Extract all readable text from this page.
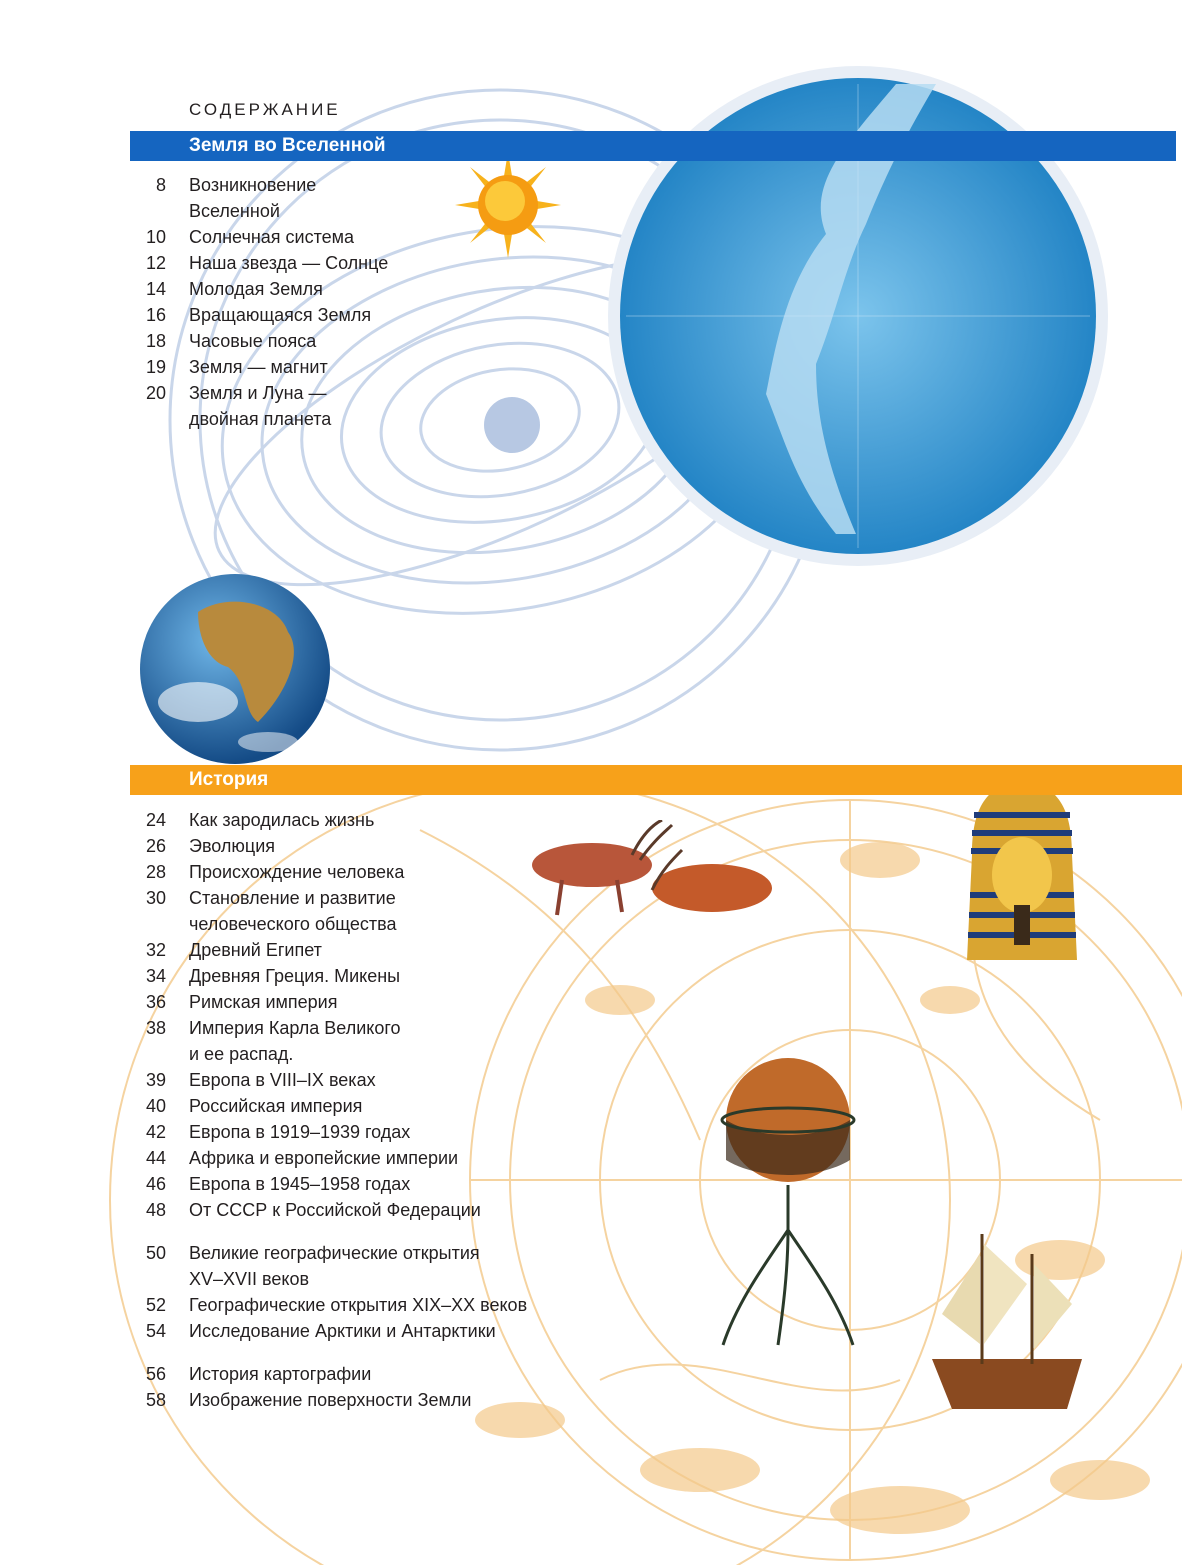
СОДЕРЖАНИЕ
Земля во Вселенной
8 Возникновение
Вселенной
10 Солнечная система
12 Наша звезда — Солнце
14 Молодая Земля
16 Вращающаяся Земля
18 Часовые пояса
19 Земля — магнит
20 Земля и Луна —
двойная планета
История
24 Как зародилась жизнь
26 Эволюция
28 Происхождение человека
30 Становление и развитие
человеческого общества
32 Древний Египет
34 Древняя Греция. Микены
36 Римская империя
38 Империя Карла Великого
и ее распад.
39 Европа в VIII–IX веках
40 Российская империя
42 Европа в 1919–1939 годах
44 Африка и европейские империи
46 Европа в 1945–1958 годах
48 От СССР к Российской Федерации
50 Великие географические открытия
XV–XVII веков
52 Географические открытия XIX–XX веков
54 Исследование Арктики и Антарктики
56 История картографии
58 Изображение поверхности Земли
